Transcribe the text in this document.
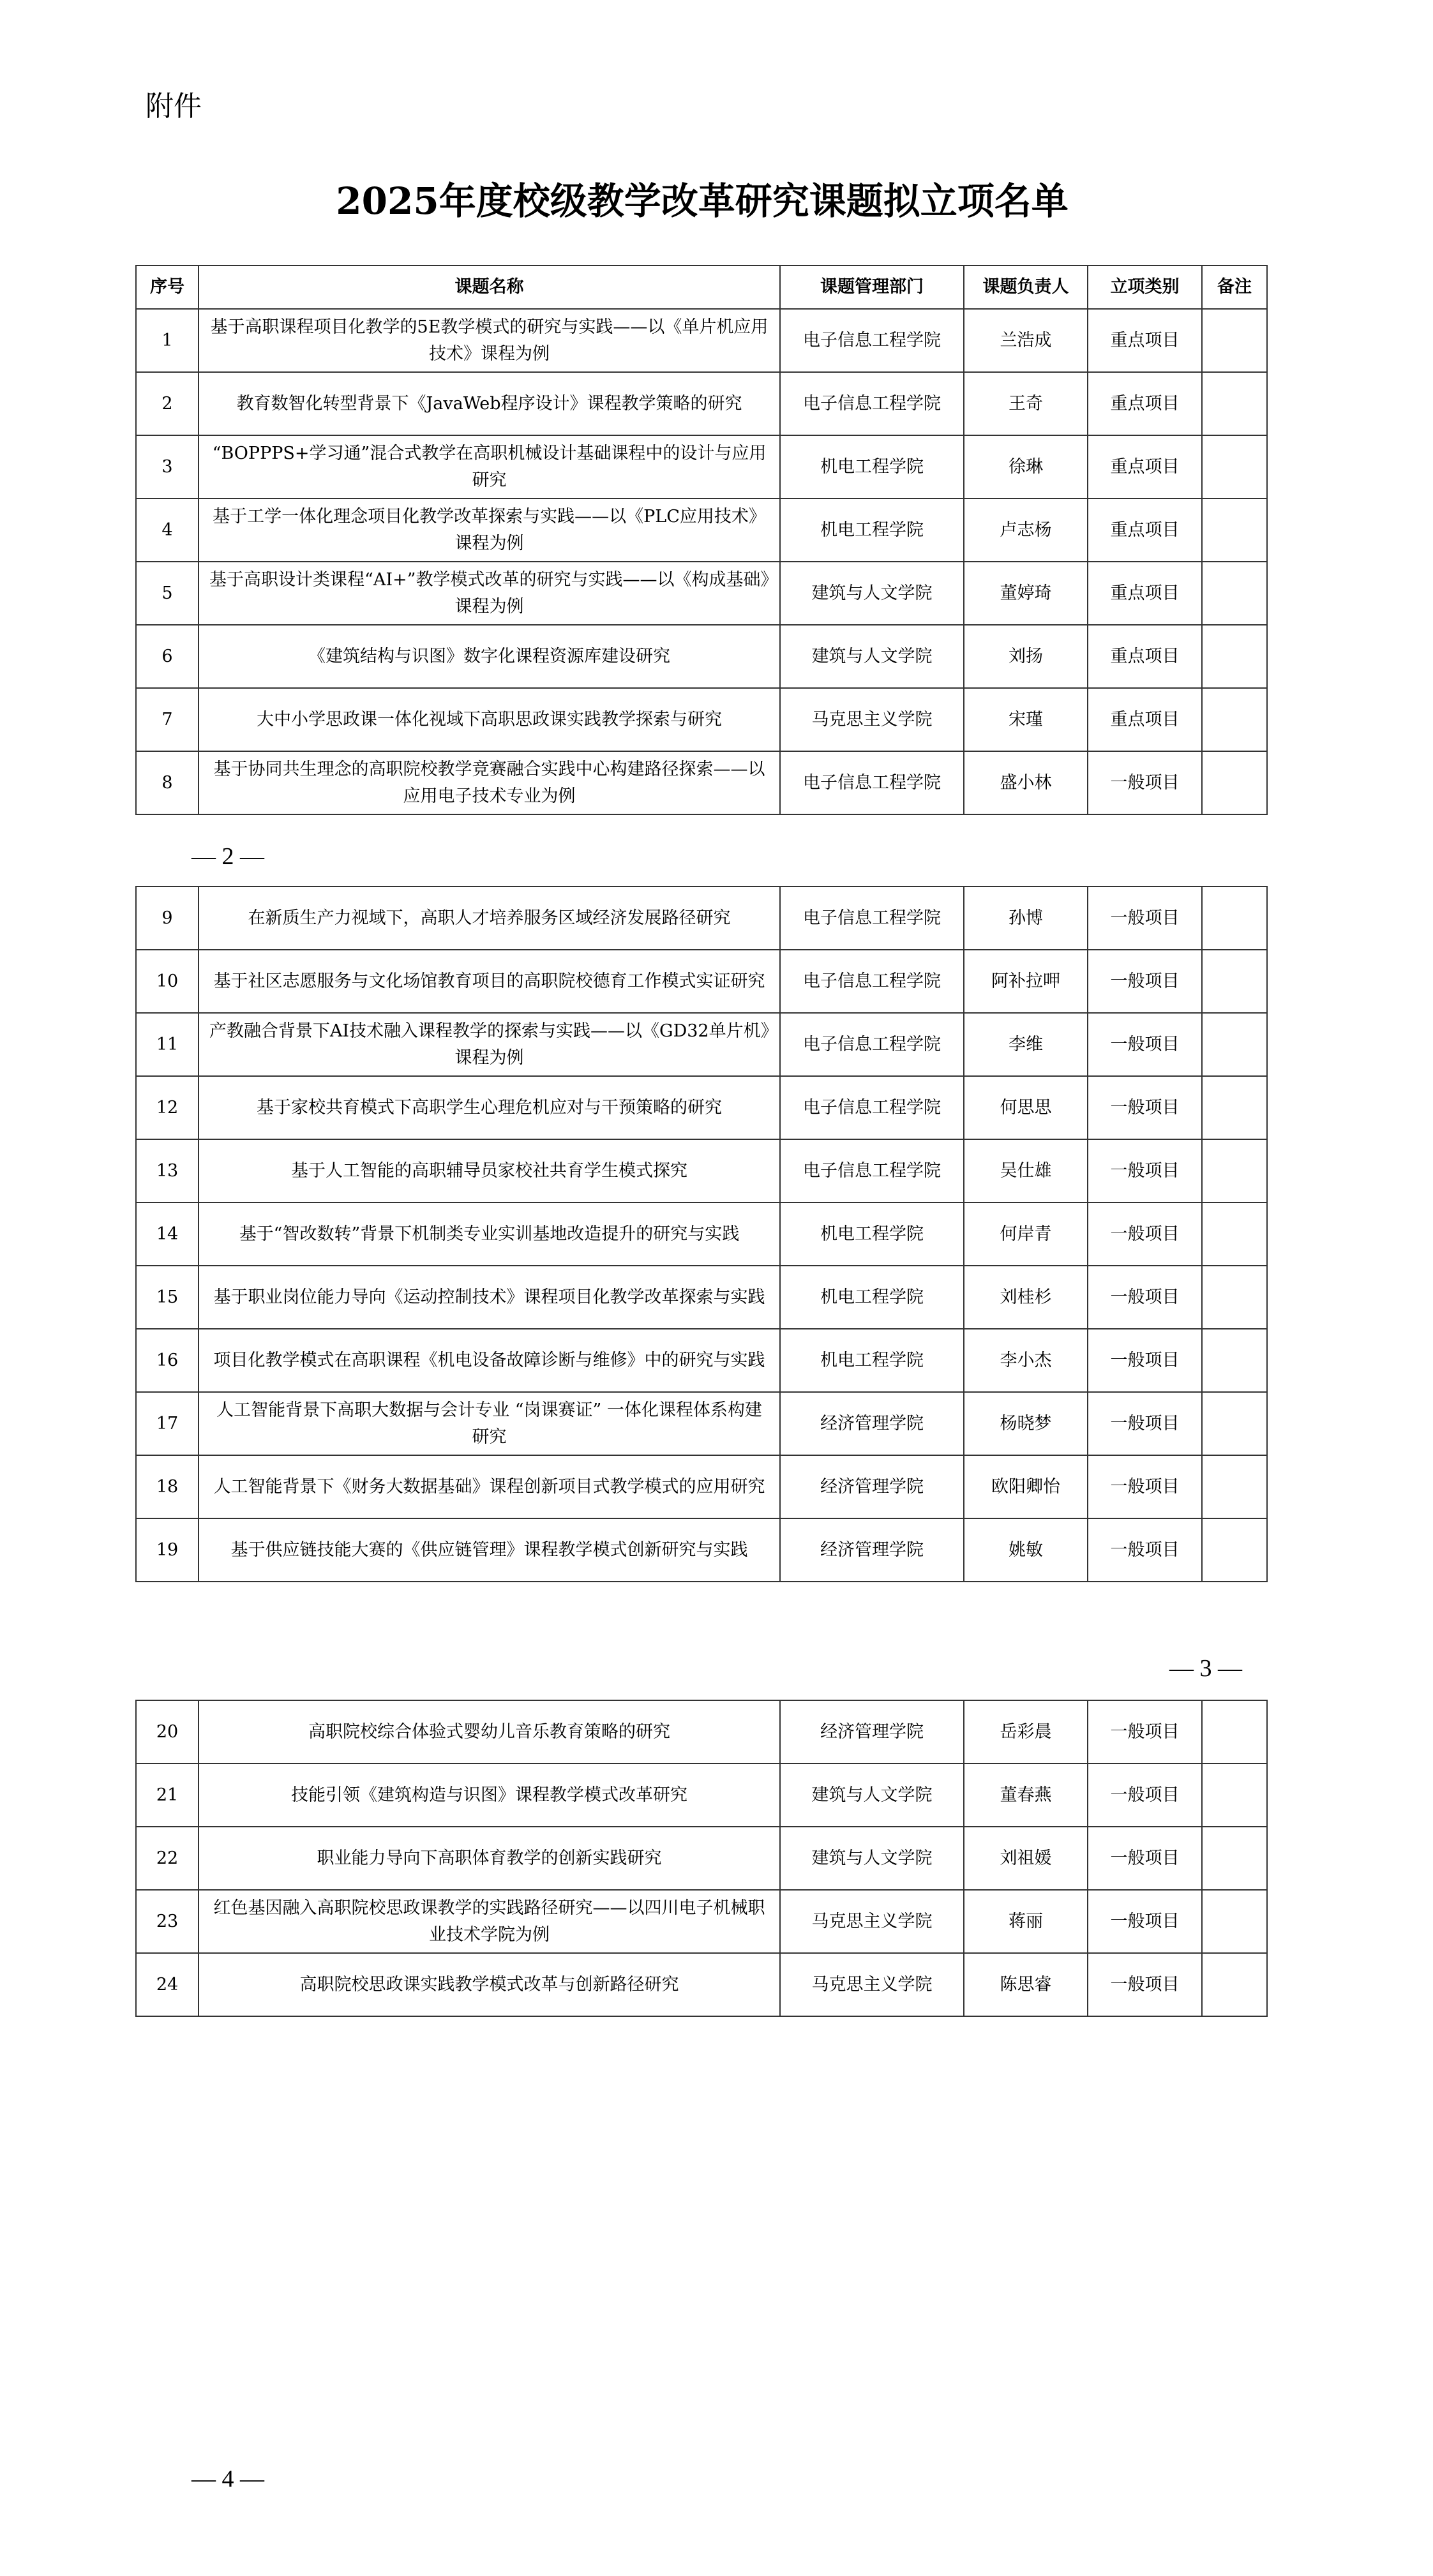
附件
2025年度校级教学改革研究课题拟立项名单
序号	课题名称	课题管理部门	课题负责人	立项类别	备注
1	基于高职课程项目化教学的5E教学模式的研究与实践——以《单片机应用技术》课程为例	电子信息工程学院	兰浩成	重点项目	
2	教育数智化转型背景下《JavaWeb程序设计》课程教学策略的研究	电子信息工程学院	王奇	重点项目	
3	“BOPPPS+学习通”混合式教学在高职机械设计基础课程中的设计与应用研究	机电工程学院	徐琳	重点项目	
4	基于工学一体化理念项目化教学改革探索与实践——以《PLC应用技术》课程为例	机电工程学院	卢志杨	重点项目	
5	基于高职设计类课程“AI+”教学模式改革的研究与实践——以《构成基础》课程为例	建筑与人文学院	董婷琦	重点项目	
6	《建筑结构与识图》数字化课程资源库建设研究	建筑与人文学院	刘扬	重点项目	
7	大中小学思政课一体化视域下高职思政课实践教学探索与研究	马克思主义学院	宋瑾	重点项目	
8	基于协同共生理念的高职院校教学竞赛融合实践中心构建路径探索——以应用电子技术专业为例	电子信息工程学院	盛小林	一般项目	
— 2 —
9	在新质生产力视域下，高职人才培养服务区域经济发展路径研究	电子信息工程学院	孙博	一般项目	
10	基于社区志愿服务与文化场馆教育项目的高职院校德育工作模式实证研究	电子信息工程学院	阿补拉呷	一般项目	
11	产教融合背景下AI技术融入课程教学的探索与实践——以《GD32单片机》课程为例	电子信息工程学院	李维	一般项目	
12	基于家校共育模式下高职学生心理危机应对与干预策略的研究	电子信息工程学院	何思思	一般项目	
13	基于人工智能的高职辅导员家校社共育学生模式探究	电子信息工程学院	吴仕雄	一般项目	
14	基于“智改数转”背景下机制类专业实训基地改造提升的研究与实践	机电工程学院	何岸青	一般项目	
15	基于职业岗位能力导向《运动控制技术》课程项目化教学改革探索与实践	机电工程学院	刘桂杉	一般项目	
16	项目化教学模式在高职课程《机电设备故障诊断与维修》中的研究与实践	机电工程学院	李小杰	一般项目	
17	人工智能背景下高职大数据与会计专业 “岗课赛证” 一体化课程体系构建研究	经济管理学院	杨晓梦	一般项目	
18	人工智能背景下《财务大数据基础》课程创新项目式教学模式的应用研究	经济管理学院	欧阳卿怡	一般项目	
19	基于供应链技能大赛的《供应链管理》课程教学模式创新研究与实践	经济管理学院	姚敏	一般项目	
— 3 —
20	高职院校综合体验式婴幼儿音乐教育策略的研究	经济管理学院	岳彩晨	一般项目	
21	技能引领《建筑构造与识图》课程教学模式改革研究	建筑与人文学院	董春燕	一般项目	
22	职业能力导向下高职体育教学的创新实践研究	建筑与人文学院	刘祖媛	一般项目	
23	红色基因融入高职院校思政课教学的实践路径研究——以四川电子机械职业技术学院为例	马克思主义学院	蒋丽	一般项目	
24	高职院校思政课实践教学模式改革与创新路径研究	马克思主义学院	陈思睿	一般项目	
— 4 —
